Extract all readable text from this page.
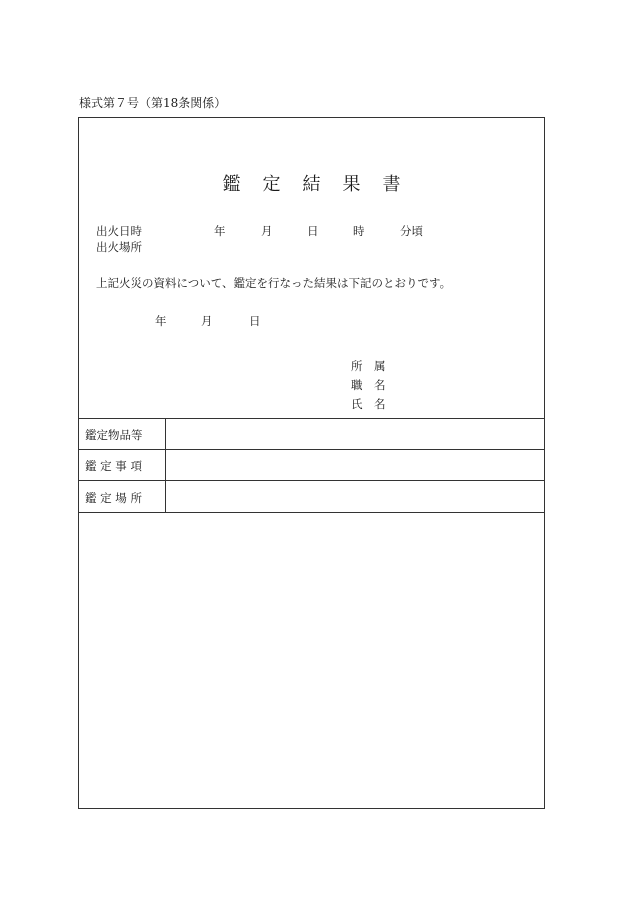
様式第７号（第18条関係）
鑑 定 結 果 書
出火日時	年	月	日	時	分頃
出火場所
上記火災の資料について、鑑定を行なった結果は下記のとおりです。
年	月	日
所　属
職　名
氏　名
鑑定物品等
鑑 定 事 項
鑑 定 場 所
